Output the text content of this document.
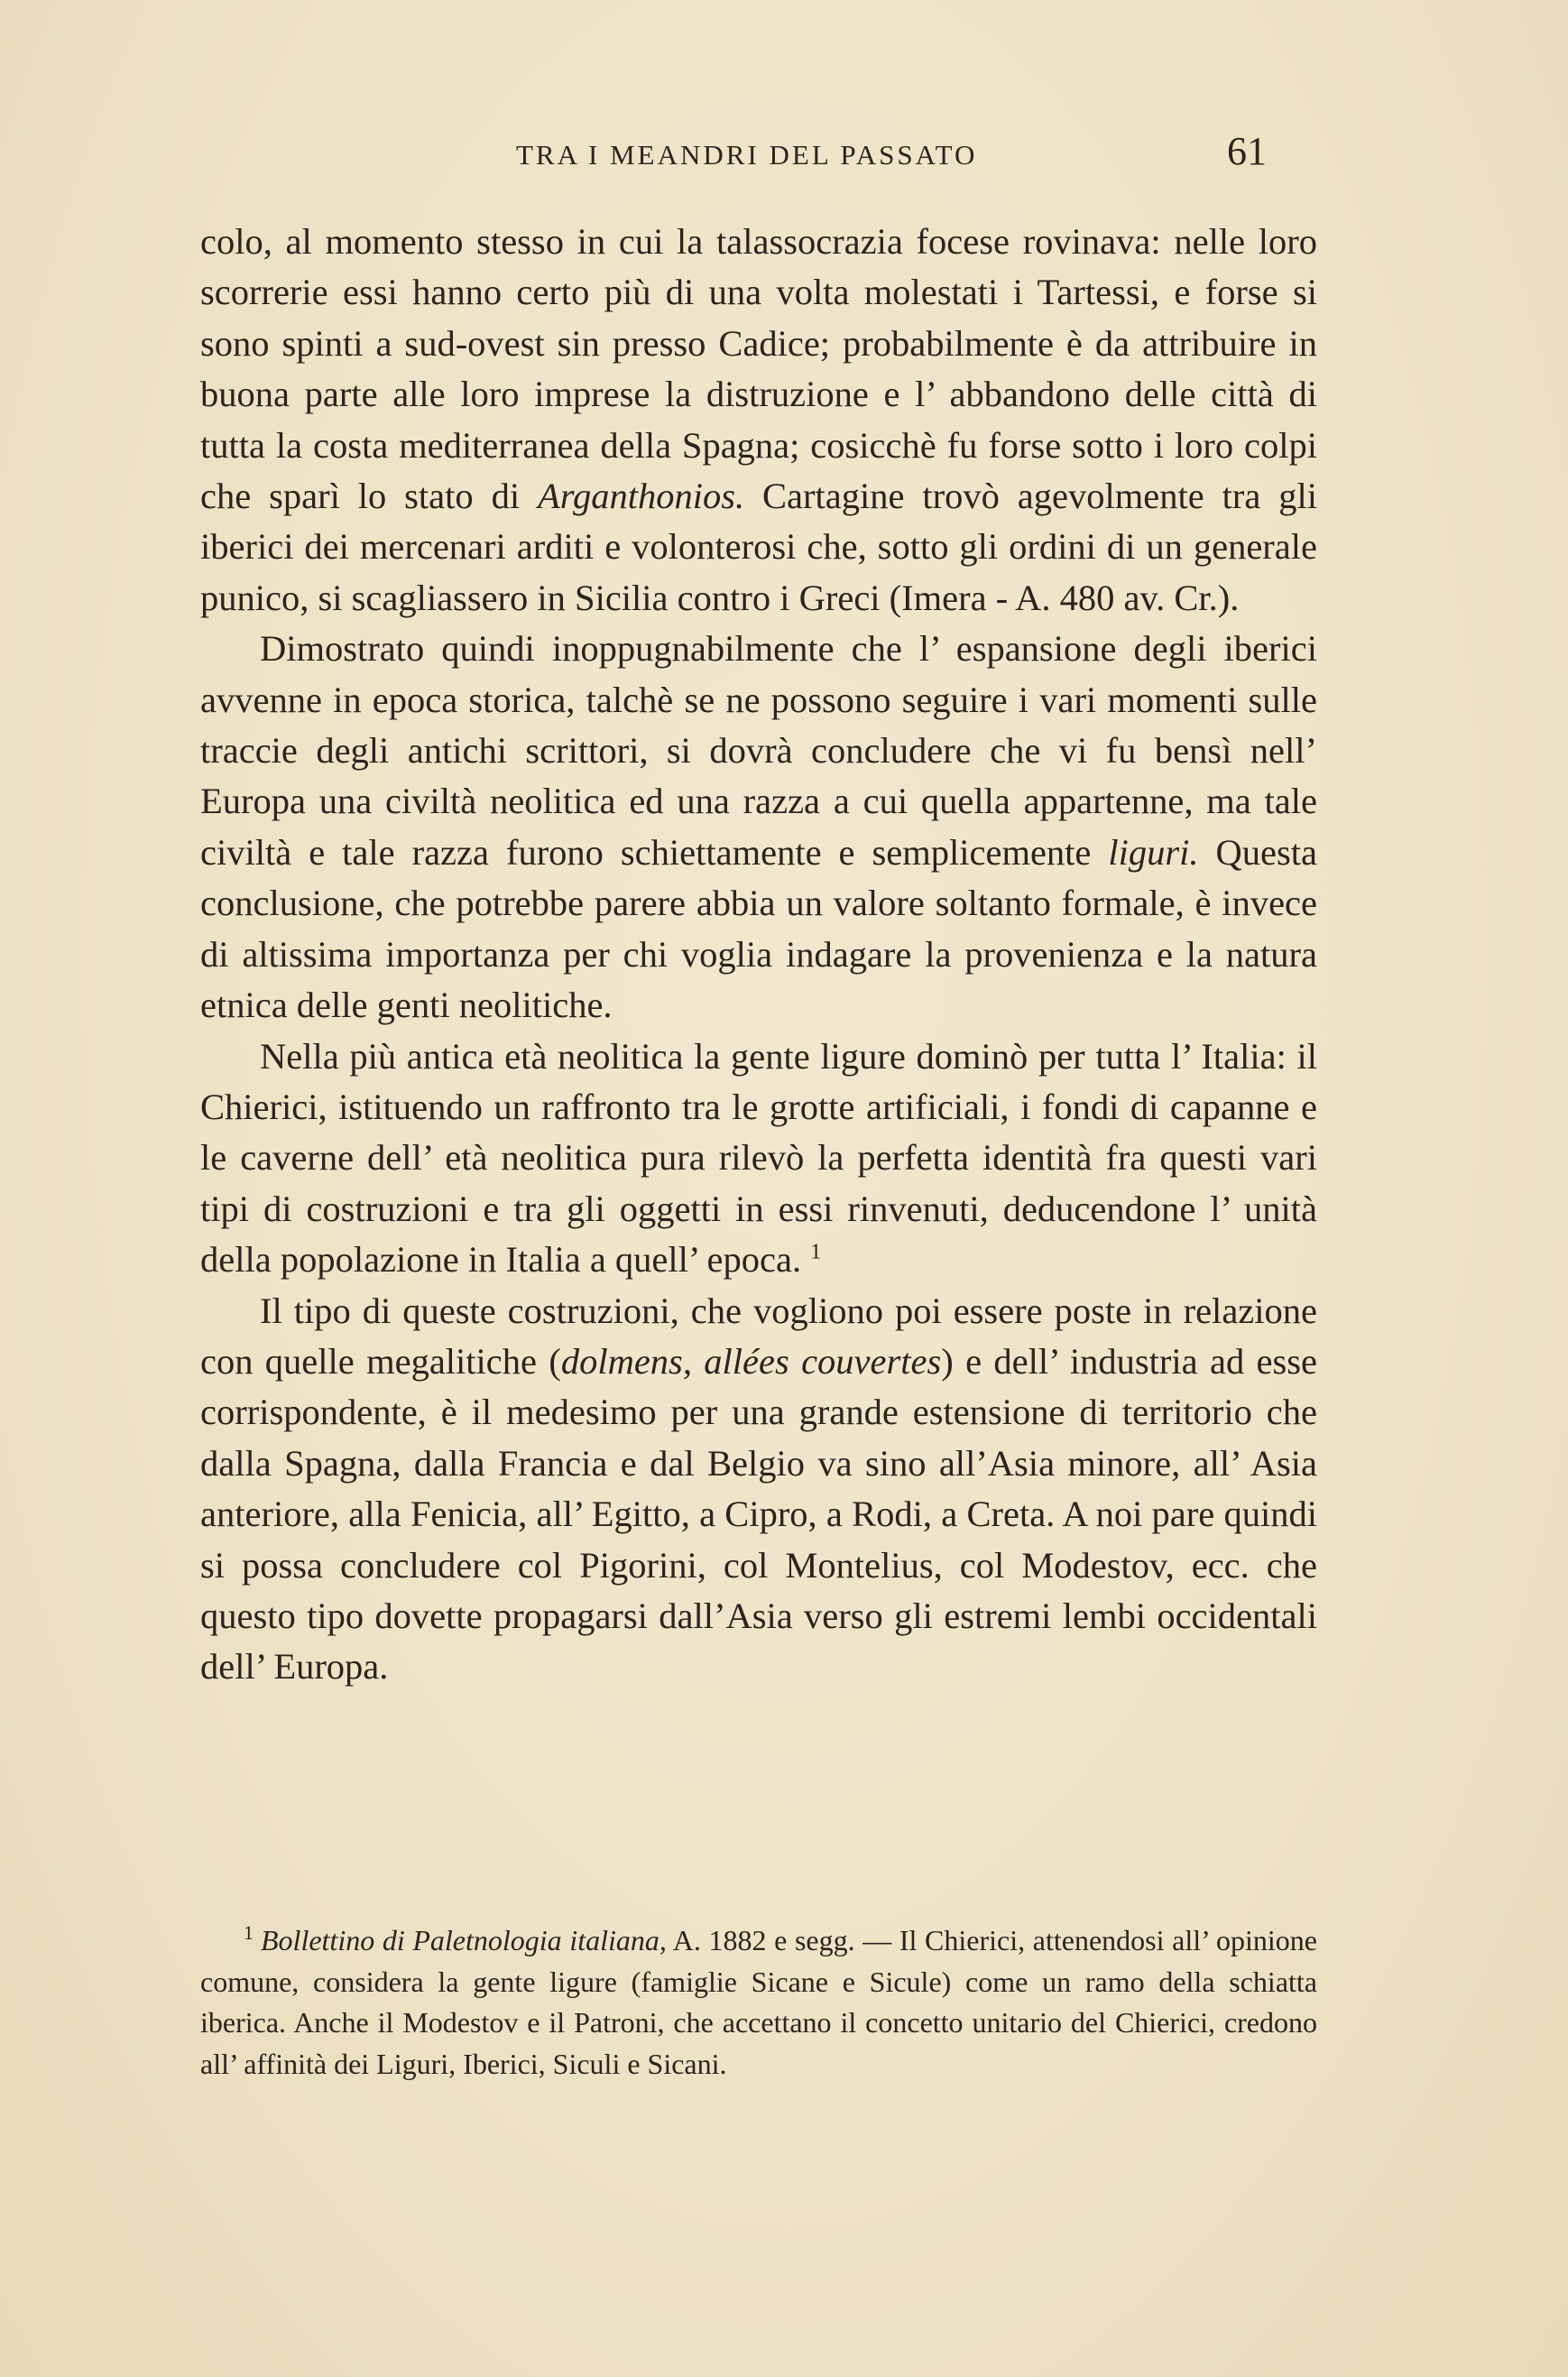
TRA I MEANDRI DEL PASSATO	61

colo, al momento stesso in cui la talassocrazia focese rovinava: nelle loro scorrerie essi hanno certo più di una volta molestati i Tartessi, e forse si sono spinti a sud-ovest sin presso Cadice; probabilmente è da attribuire in buona parte alle loro imprese la distruzione e l’ abbandono delle città di tutta la costa mediterranea della Spagna; cosicchè fu forse sotto i loro colpi che sparì lo stato di Arganthonios. Cartagine trovò agevolmente tra gli iberici dei mercenari arditi e volonterosi che, sotto gli ordini di un generale punico, si scagliassero in Sicilia contro i Greci (Imera - A. 480 av. Cr.).

Dimostrato quindi inoppugnabilmente che l’ espansione degli iberici avvenne in epoca storica, talchè se ne possono seguire i vari momenti sulle traccie degli antichi scrittori, si dovrà concludere che vi fu bensì nell’ Europa una civiltà neolitica ed una razza a cui quella appartenne, ma tale civiltà e tale razza furono schiettamente e semplicemente liguri. Questa conclusione, che potrebbe parere abbia un valore soltanto formale, è invece di altissima importanza per chi voglia indagare la provenienza e la natura etnica delle genti neolitiche.

Nella più antica età neolitica la gente ligure dominò per tutta l’ Italia: il Chierici, istituendo un raffronto tra le grotte artificiali, i fondi di capanne e le caverne dell’ età neolitica pura rilevò la perfetta identità fra questi vari tipi di costruzioni e tra gli oggetti in essi rinvenuti, deducendone l’ unità della popolazione in Italia a quell’ epoca. $^1$

Il tipo di queste costruzioni, che vogliono poi essere poste in relazione con quelle megalitiche (dolmens, allées couvertes) e dell’ industria ad esse corrispondente, è il medesimo per una grande estensione di territorio che dalla Spagna, dalla Francia e dal Belgio va sino all’Asia minore, all’ Asia anteriore, alla Fenicia, all’ Egitto, a Cipro, a Rodi, a Creta. A noi pare quindi si possa concludere col Pigorini, col Montelius, col Modestov, ecc. che questo tipo dovette propagarsi dall’Asia verso gli estremi lembi occidentali dell’ Europa.

$^1$ Bollettino di Paletnologia italiana, A. 1882 e segg. — Il Chierici, attenendosi all’ opinione comune, considera la gente ligure (famiglie Sicane e Sicule) come un ramo della schiatta iberica. Anche il Modestov e il Patroni, che accettano il concetto unitario del Chierici, credono all’ affinità dei Liguri, Iberici, Siculi e Sicani.
